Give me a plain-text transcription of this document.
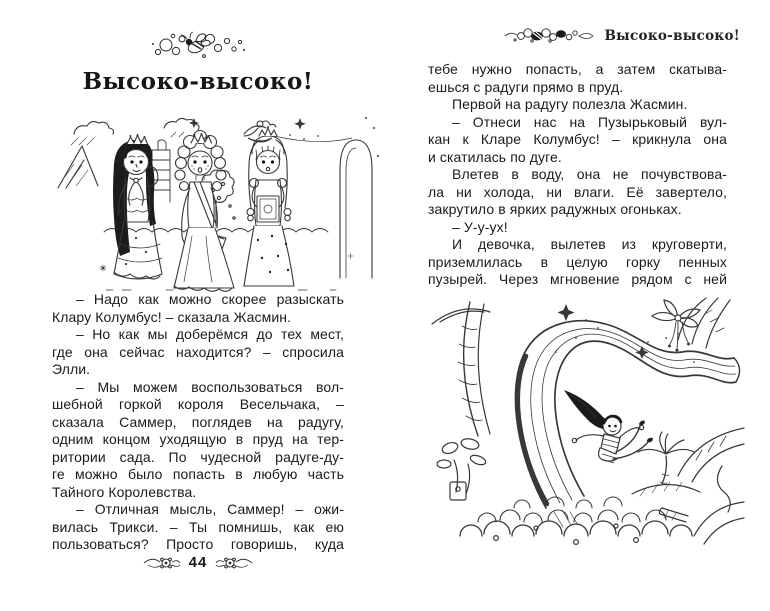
Высоко-высоко!
– Надо как можно скорее разыскать
Клару Колумбус! – сказала Жасмин.
– Но как мы доберёмся до тех мест,
где она сейчас находится? – спросила
Элли.
– Мы можем воспользоваться вол-
шебной горкой короля Весельчака, –
сказала Саммер, поглядев на радугу,
одним концом уходящую в пруд на тер-
ритории сада. По чудесной радуге-ду-
ге можно было попасть в любую часть
Тайного Королевства.
– Отличная мысль, Саммер! – ожи-
вилась Трикси. – Ты помнишь, как ею
пользоваться? Просто говоришь, куда
44
Высоко-высоко!
тебе нужно попасть, а затем скатыва-
ешься с радуги прямо в пруд.
Первой на радугу полезла Жасмин.
– Отнеси нас на Пузырьковый вул-
кан к Кларе Колумбус! – крикнула она
и скатилась по дуге.
Влетев в воду, она не почувствова-
ла ни холода, ни влаги. Её завертело,
закрутило в ярких радужных огоньках.
– У-у-ух!
И девочка, вылетев из круговерти,
приземлилась в целую горку пенных
пузырей. Через мгновение рядом с ней
